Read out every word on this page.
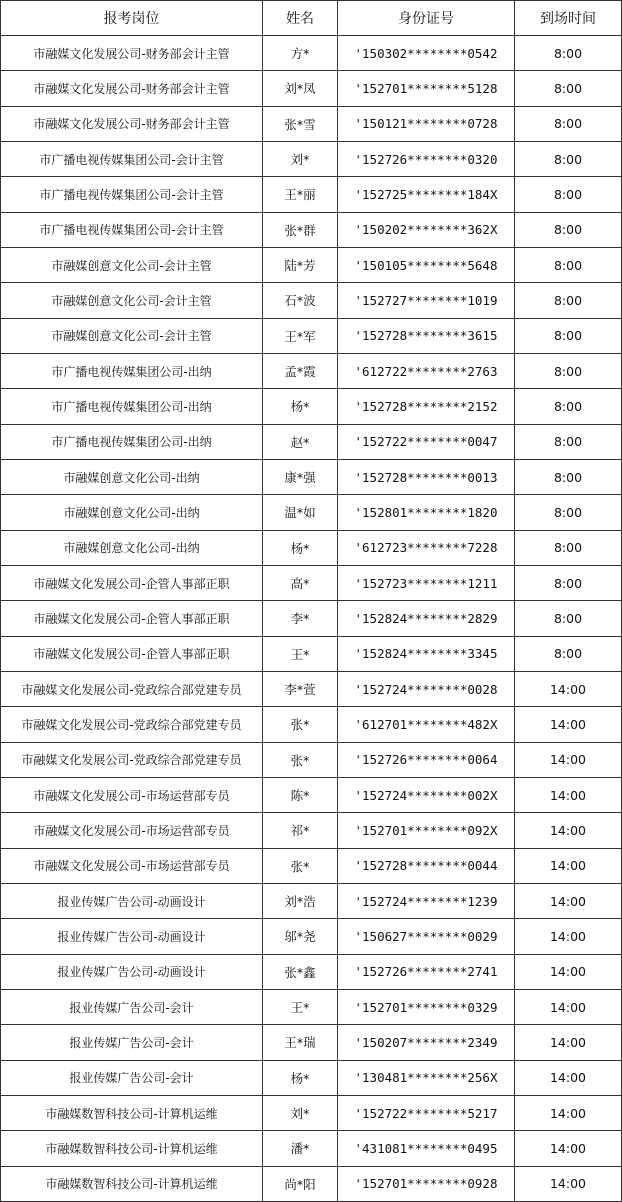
报考岗位	姓名	身份证号	到场时间
市融媒文化发展公司-财务部会计主管	方*	'150302********0542	8:00
市融媒文化发展公司-财务部会计主管	刘*凤	'152701********5128	8:00
市融媒文化发展公司-财务部会计主管	张*雪	'150121********0728	8:00
市广播电视传媒集团公司-会计主管	刘*	'152726********0320	8:00
市广播电视传媒集团公司-会计主管	王*丽	'152725********184X	8:00
市广播电视传媒集团公司-会计主管	张*群	'150202********362X	8:00
市融媒创意文化公司-会计主管	陆*芳	'150105********5648	8:00
市融媒创意文化公司-会计主管	石*波	'152727********1019	8:00
市融媒创意文化公司-会计主管	王*军	'152728********3615	8:00
市广播电视传媒集团公司-出纳	孟*霞	'612722********2763	8:00
市广播电视传媒集团公司-出纳	杨*	'152728********2152	8:00
市广播电视传媒集团公司-出纳	赵*	'152722********0047	8:00
市融媒创意文化公司-出纳	康*强	'152728********0013	8:00
市融媒创意文化公司-出纳	温*如	'152801********1820	8:00
市融媒创意文化公司-出纳	杨*	'612723********7228	8:00
市融媒文化发展公司-企管人事部正职	高*	'152723********1211	8:00
市融媒文化发展公司-企管人事部正职	李*	'152824********2829	8:00
市融媒文化发展公司-企管人事部正职	王*	'152824********3345	8:00
市融媒文化发展公司-党政综合部党建专员	李*萱	'152724********0028	14:00
市融媒文化发展公司-党政综合部党建专员	张*	'612701********482X	14:00
市融媒文化发展公司-党政综合部党建专员	张*	'152726********0064	14:00
市融媒文化发展公司-市场运营部专员	陈*	'152724********002X	14:00
市融媒文化发展公司-市场运营部专员	祁*	'152701********092X	14:00
市融媒文化发展公司-市场运营部专员	张*	'152728********0044	14:00
报业传媒广告公司-动画设计	刘*浩	'152724********1239	14:00
报业传媒广告公司-动画设计	邬*尧	'150627********0029	14:00
报业传媒广告公司-动画设计	张*鑫	'152726********2741	14:00
报业传媒广告公司-会计	王*	'152701********0329	14:00
报业传媒广告公司-会计	王*瑞	'150207********2349	14:00
报业传媒广告公司-会计	杨*	'130481********256X	14:00
市融媒数智科技公司-计算机运维	刘*	'152722********5217	14:00
市融媒数智科技公司-计算机运维	潘*	'431081********0495	14:00
市融媒数智科技公司-计算机运维	尚*阳	'152701********0928	14:00
